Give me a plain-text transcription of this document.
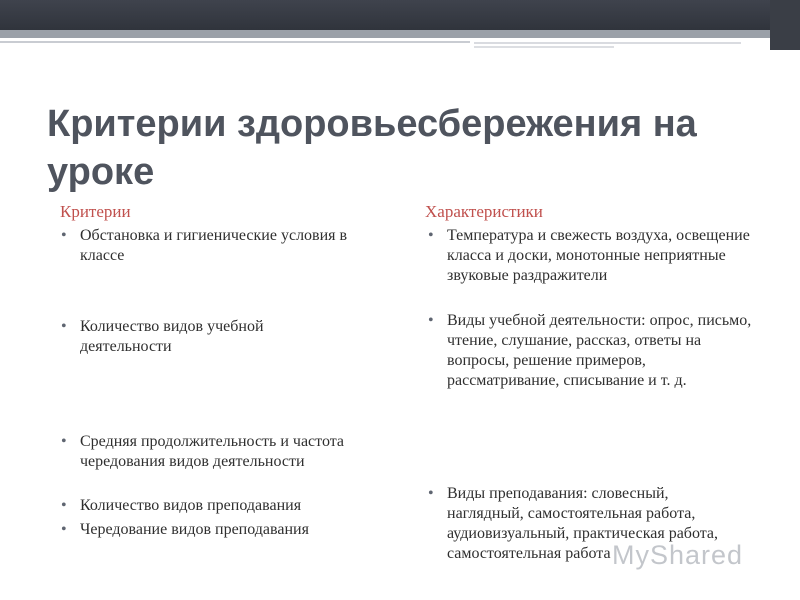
Критерии здоровьесбережения на
уроке
Критерии	Характеристики
• Обстановка и гигиенические условия в классе
• Количество видов учебной деятельности
• Средняя продолжительность и частота чередования видов деятельности
• Количество видов преподавания
• Чередование видов преподавания
• Температура и свежесть воздуха, освещение класса и доски, монотонные неприятные звуковые раздражители
• Виды учебной деятельности: опрос, письмо, чтение, слушание, рассказ, ответы на вопросы, решение примеров, рассматривание, списывание и т. д.
• Виды преподавания: словесный, наглядный, самостоятельная работа, аудиовизуальный, практическая работа, самостоятельная работа MyShared
